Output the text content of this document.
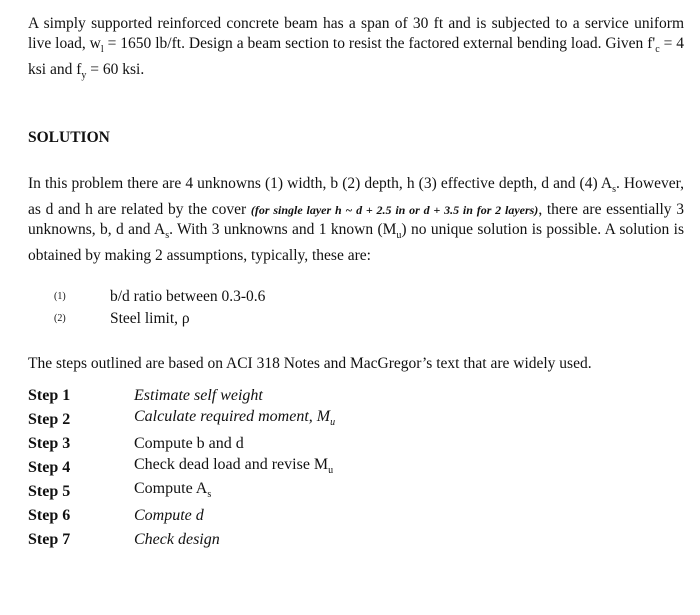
A simply supported reinforced concrete beam has a span of 30 ft and is subjected to a service uniform live load, $w_l = 1650$ lb/ft. Design a beam section to resist the factored external bending load. Given $f'_c = 4$ ksi and $f_y = 60$ ksi.

SOLUTION

In this problem there are 4 unknowns (1) width, b (2) depth, h (3) effective depth, d and (4) $A_s$. However, as d and h are related by the cover (for single layer h ~ d + 2.5 in or d + 3.5 in for 2 layers), there are essentially 3 unknowns, b, d and $A_s$. With 3 unknowns and 1 known $(M_u)$ no unique solution is possible. A solution is obtained by making 2 assumptions, typically, these are:

(1)	b/d ratio between 0.3-0.6
(2)	Steel limit, ρ

The steps outlined are based on ACI 318 Notes and MacGregor’s text that are widely used.

Step 1	Estimate self weight
Step 2	Calculate required moment, $M_u$
Step 3	Compute b and d
Step 4	Check dead load and revise $M_u$
Step 5	Compute $A_s$
Step 6	Compute d
Step 7	Check design
